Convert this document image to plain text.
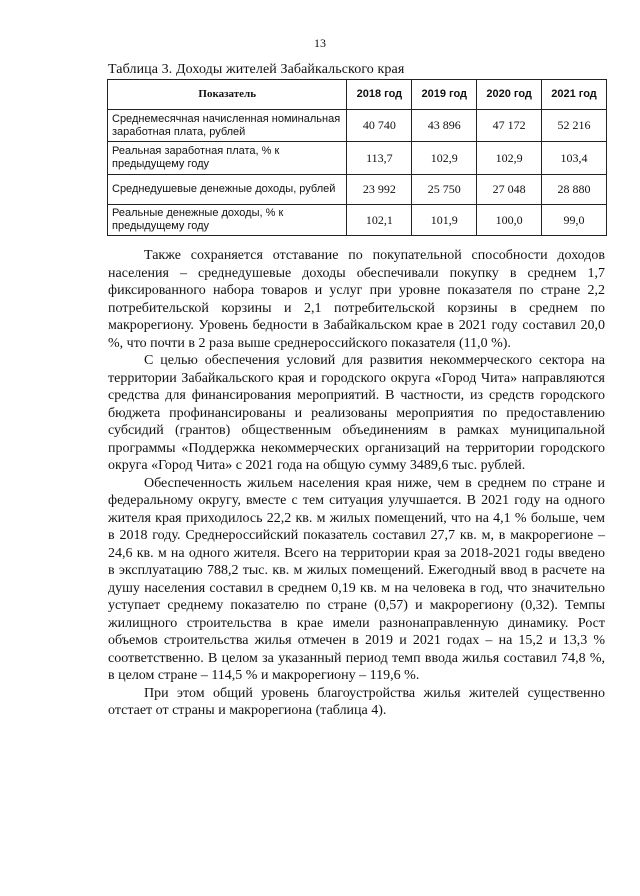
13
Таблица 3. Доходы жителей Забайкальского края
Показатель	2018 год	2019 год	2020 год	2021 год
Среднемесячная начисленная номинальная заработная плата, рублей	40 740	43 896	47 172	52 216
Реальная заработная плата, % к предыдущему году	113,7	102,9	102,9	103,4
Среднедушевые денежные доходы, рублей	23 992	25 750	27 048	28 880
Реальные денежные доходы, % к предыдущему году	102,1	101,9	100,0	99,0

Также сохраняется отставание по покупательной способности доходов населения – среднедушевые доходы обеспечивали покупку в среднем 1,7 фиксированного набора товаров и услуг при уровне показателя по стране 2,2 потребительской корзины и 2,1 потребительской корзины в среднем по макрорегиону. Уровень бедности в Забайкальском крае в 2021 году составил 20,0 %, что почти в 2 раза выше среднероссийского показателя (11,0 %).

С целью обеспечения условий для развития некоммерческого сектора на территории Забайкальского края и городского округа «Город Чита» направляются средства для финансирования мероприятий. В частности, из средств городского бюджета профинансированы и реализованы мероприятия по предоставлению субсидий (грантов) общественным объединениям в рамках муниципальной программы «Поддержка некоммерческих организаций на территории городского округа «Город Чита» с 2021 года на общую сумму 3489,6 тыс. рублей.

Обеспеченность жильем населения края ниже, чем в среднем по стране и федеральному округу, вместе с тем ситуация улучшается. В 2021 году на одного жителя края приходилось 22,2 кв. м жилых помещений, что на 4,1 % больше, чем в 2018 году. Среднероссийский показатель составил 27,7 кв. м, в макрорегионе – 24,6 кв. м на одного жителя. Всего на территории края за 2018-2021 годы введено в эксплуатацию 788,2 тыс. кв. м жилых помещений. Ежегодный ввод в расчете на душу населения составил в среднем 0,19 кв. м на человека в год, что значительно уступает среднему показателю по стране (0,57) и макрорегиону (0,32). Темпы жилищного строительства в крае имели разнонаправленную динамику. Рост объемов строительства жилья отмечен в 2019 и 2021 годах – на 15,2 и 13,3 % соответственно. В целом за указанный период темп ввода жилья составил 74,8 %, в целом стране – 114,5 % и макрорегиону – 119,6 %.

При этом общий уровень благоустройства жилья жителей существенно отстает от страны и макрорегиона (таблица 4).
